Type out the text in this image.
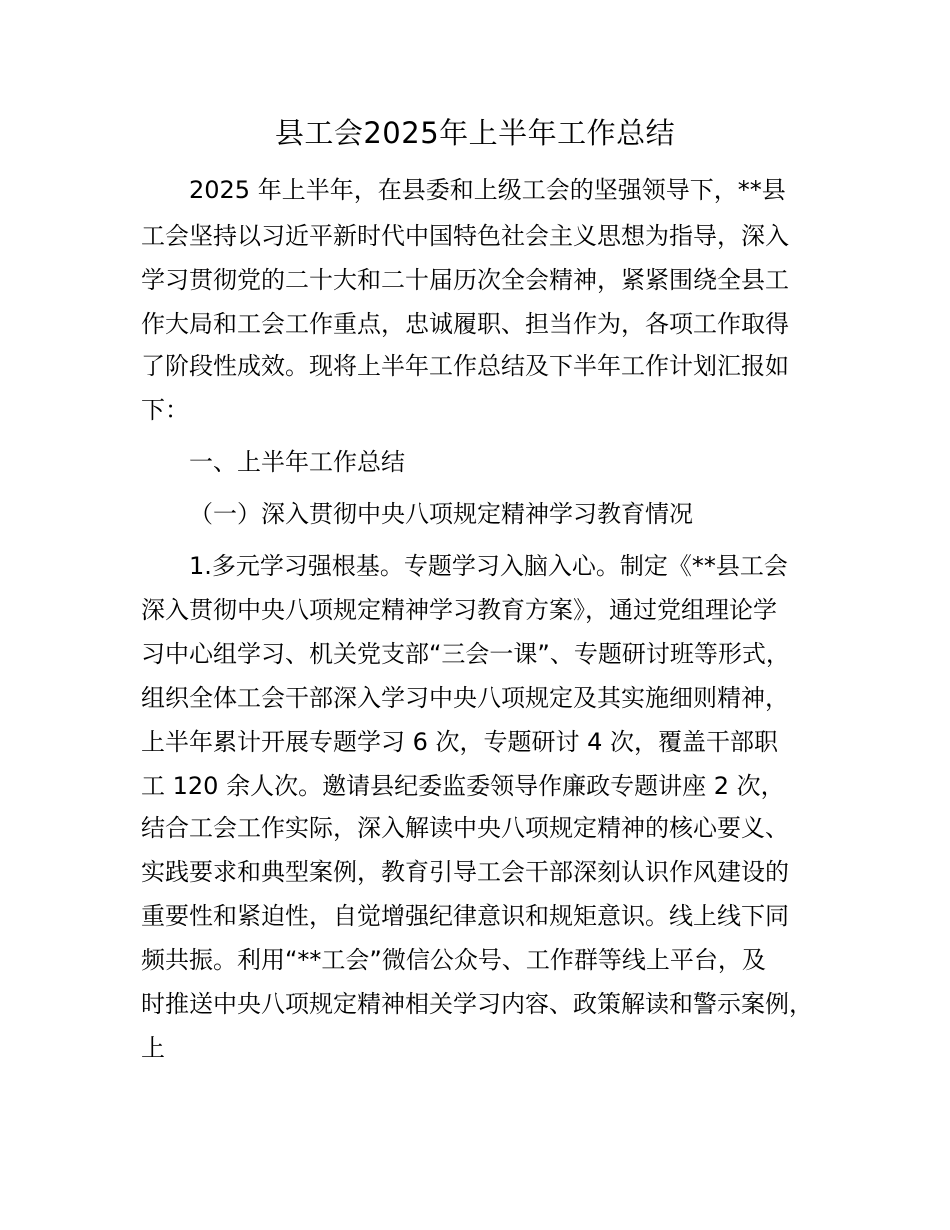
县工会2025年上半年工作总结

2025 年上半年，在县委和上级工会的坚强领导下，**县

工会坚持以习近平新时代中国特色社会主义思想为指导，深入

学习贯彻党的二十大和二十届历次全会精神，紧紧围绕全县工

作大局和工会工作重点，忠诚履职、担当作为，各项工作取得

了阶段性成效。现将上半年工作总结及下半年工作计划汇报如

下：

一、上半年工作总结

（一）深入贯彻中央八项规定精神学习教育情况

1.多元学习强根基。专题学习入脑入心。制定《**县工会

深入贯彻中央八项规定精神学习教育方案》，通过党组理论学

习中心组学习、机关党支部“三会一课”、专题研讨班等形式，

组织全体工会干部深入学习中央八项规定及其实施细则精神，

上半年累计开展专题学习 6 次，专题研讨 4 次，覆盖干部职

工 120 余人次。邀请县纪委监委领导作廉政专题讲座 2 次，

结合工会工作实际，深入解读中央八项规定精神的核心要义、

实践要求和典型案例，教育引导工会干部深刻认识作风建设的

重要性和紧迫性，自觉增强纪律意识和规矩意识。线上线下同

频共振。利用“**工会”微信公众号、工作群等线上平台，及

时推送中央八项规定精神相关学习内容、政策解读和警示案例，

上
